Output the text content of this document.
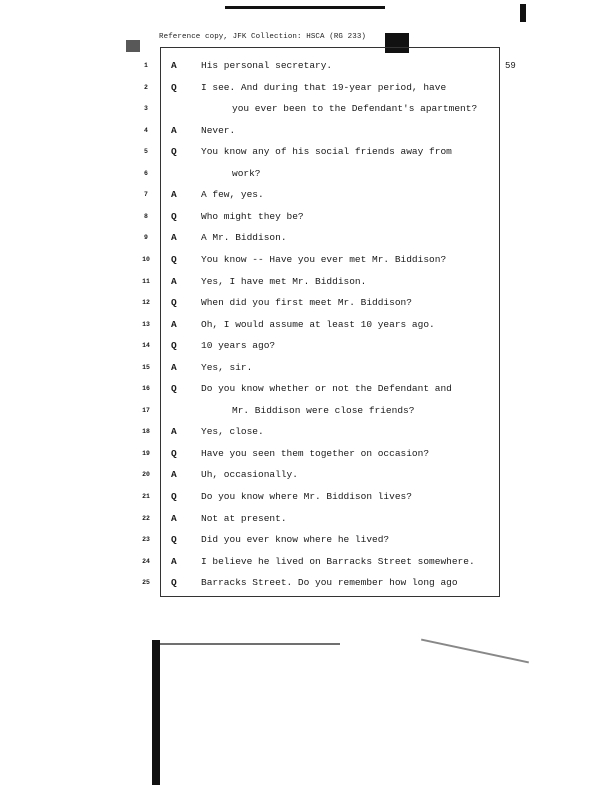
Reference copy, JFK Collection: HSCA (RG 233)
59
1	A	His personal secretary.
2	Q	I see. And during that 19-year period, have
3	you ever been to the Defendant's apartment?
4	A	Never.
5	Q	You know any of his social friends away from
6	work?
7	A	A few, yes.
8	Q	Who might they be?
9	A	A Mr. Biddison.
10	Q	You know -- Have you ever met Mr. Biddison?
11	A	Yes, I have met Mr. Biddison.
12	Q	When did you first meet Mr. Biddison?
13	A	Oh, I would assume at least 10 years ago.
14	Q	10 years ago?
15	A	Yes, sir.
16	Q	Do you know whether or not the Defendant and
17	Mr. Biddison were close friends?
18	A	Yes, close.
19	Q	Have you seen them together on occasion?
20	A	Uh, occasionally.
21	Q	Do you know where Mr. Biddison lives?
22	A	Not at present.
23	Q	Did you ever know where he lived?
24	A	I believe he lived on Barracks Street somewhere.
25	Q	Barracks Street. Do you remember how long ago
